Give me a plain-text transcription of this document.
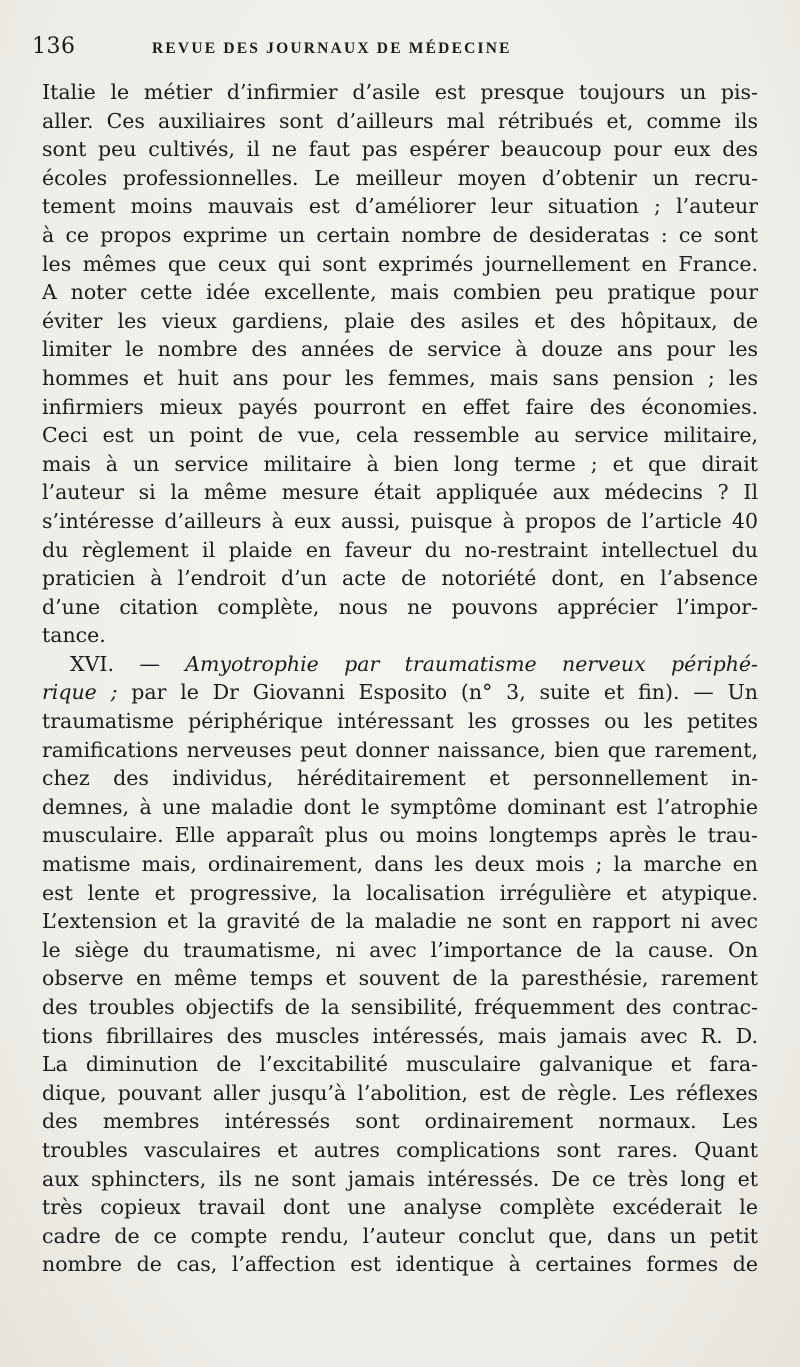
136	REVUE DES JOURNAUX DE MÉDECINE
Italie le métier d’infirmier d’asile est presque toujours un pis-
aller. Ces auxiliaires sont d’ailleurs mal rétribués et, comme ils
sont peu cultivés, il ne faut pas espérer beaucoup pour eux des
écoles professionnelles. Le meilleur moyen d’obtenir un recru-
tement moins mauvais est d’améliorer leur situation ; l’auteur
à ce propos exprime un certain nombre de desideratas : ce sont
les mêmes que ceux qui sont exprimés journellement en France.
A noter cette idée excellente, mais combien peu pratique pour
éviter les vieux gardiens, plaie des asiles et des hôpitaux, de
limiter le nombre des années de service à douze ans pour les
hommes et huit ans pour les femmes, mais sans pension ; les
infirmiers mieux payés pourront en effet faire des économies.
Ceci est un point de vue, cela ressemble au service militaire,
mais à un service militaire à bien long terme ; et que dirait
l’auteur si la même mesure était appliquée aux médecins ? Il
s’intéresse d’ailleurs à eux aussi, puisque à propos de l’article 40
du règlement il plaide en faveur du no-restraint intellectuel du
praticien à l’endroit d’un acte de notoriété dont, en l’absence
d’une citation complète, nous ne pouvons apprécier l’impor-
tance.
XVI. — Amyotrophie par traumatisme nerveux périphé-
rique ; par le Dr Giovanni Esposito (n° 3, suite et fin). — Un
traumatisme périphérique intéressant les grosses ou les petites
ramifications nerveuses peut donner naissance, bien que rarement,
chez des individus, héréditairement et personnellement in-
demnes, à une maladie dont le symptôme dominant est l’atrophie
musculaire. Elle apparaît plus ou moins longtemps après le trau-
matisme mais, ordinairement, dans les deux mois ; la marche en
est lente et progressive, la localisation irrégulière et atypique.
L’extension et la gravité de la maladie ne sont en rapport ni avec
le siège du traumatisme, ni avec l’importance de la cause. On
observe en même temps et souvent de la paresthésie, rarement
des troubles objectifs de la sensibilité, fréquemment des contrac-
tions fibrillaires des muscles intéressés, mais jamais avec R. D.
La diminution de l’excitabilité musculaire galvanique et fara-
dique, pouvant aller jusqu’à l’abolition, est de règle. Les réflexes
des membres intéressés sont ordinairement normaux. Les
troubles vasculaires et autres complications sont rares. Quant
aux sphincters, ils ne sont jamais intéressés. De ce très long et
très copieux travail dont une analyse complète excéderait le
cadre de ce compte rendu, l’auteur conclut que, dans un petit
nombre de cas, l’affection est identique à certaines formes de
